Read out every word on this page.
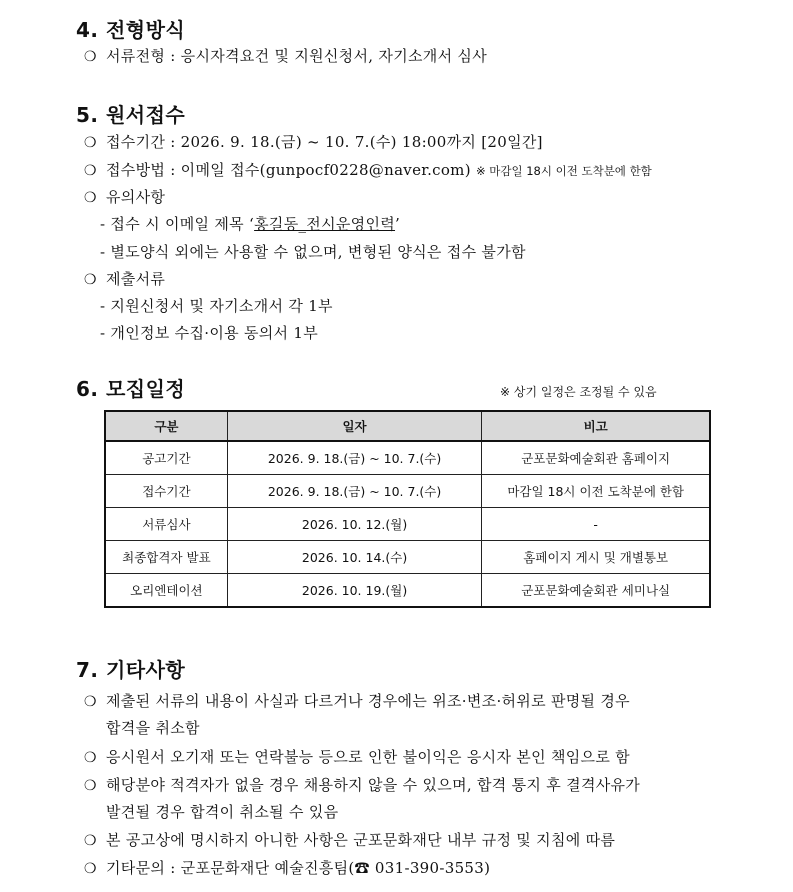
4. 전형방식
❍ 서류전형 : 응시자격요건 및 지원신청서, 자기소개서 심사
5. 원서접수
❍ 접수기간 : 2026. 9. 18.(금) ~ 10. 7.(수) 18:00까지 [20일간]
❍ 접수방법 : 이메일 접수(gunpocf0228@naver.com) ※ 마감일 18시 이전 도착분에 한함
❍ 유의사항
- 접수 시 이메일 제목 ‘홍길동_전시운영인력’
- 별도양식 외에는 사용할 수 없으며, 변형된 양식은 접수 불가함
❍ 제출서류
- 지원신청서 및 자기소개서 각 1부
- 개인정보 수집·이용 동의서 1부
6. 모집일정	※ 상기 일정은 조정될 수 있음
구분	일자	비고
공고기간	2026. 9. 18.(금) ~ 10. 7.(수)	군포문화예술회관 홈페이지
접수기간	2026. 9. 18.(금) ~ 10. 7.(수)	마감일 18시 이전 도착분에 한함
서류심사	2026. 10. 12.(월)	-
최종합격자 발표	2026. 10. 14.(수)	홈페이지 게시 및 개별통보
오리엔테이션	2026. 10. 19.(월)	군포문화예술회관 세미나실
7. 기타사항
❍ 제출된 서류의 내용이 사실과 다르거나 경우에는 위조·변조·허위로 판명될 경우
합격을 취소함
❍ 응시원서 오기재 또는 연락불능 등으로 인한 불이익은 응시자 본인 책임으로 함
❍ 해당분야 적격자가 없을 경우 채용하지 않을 수 있으며, 합격 통지 후 결격사유가
발견될 경우 합격이 취소될 수 있음
❍ 본 공고상에 명시하지 아니한 사항은 군포문화재단 내부 규정 및 지침에 따름
❍ 기타문의 : 군포문화재단 예술진흥팀(☎ 031-390-3553)
